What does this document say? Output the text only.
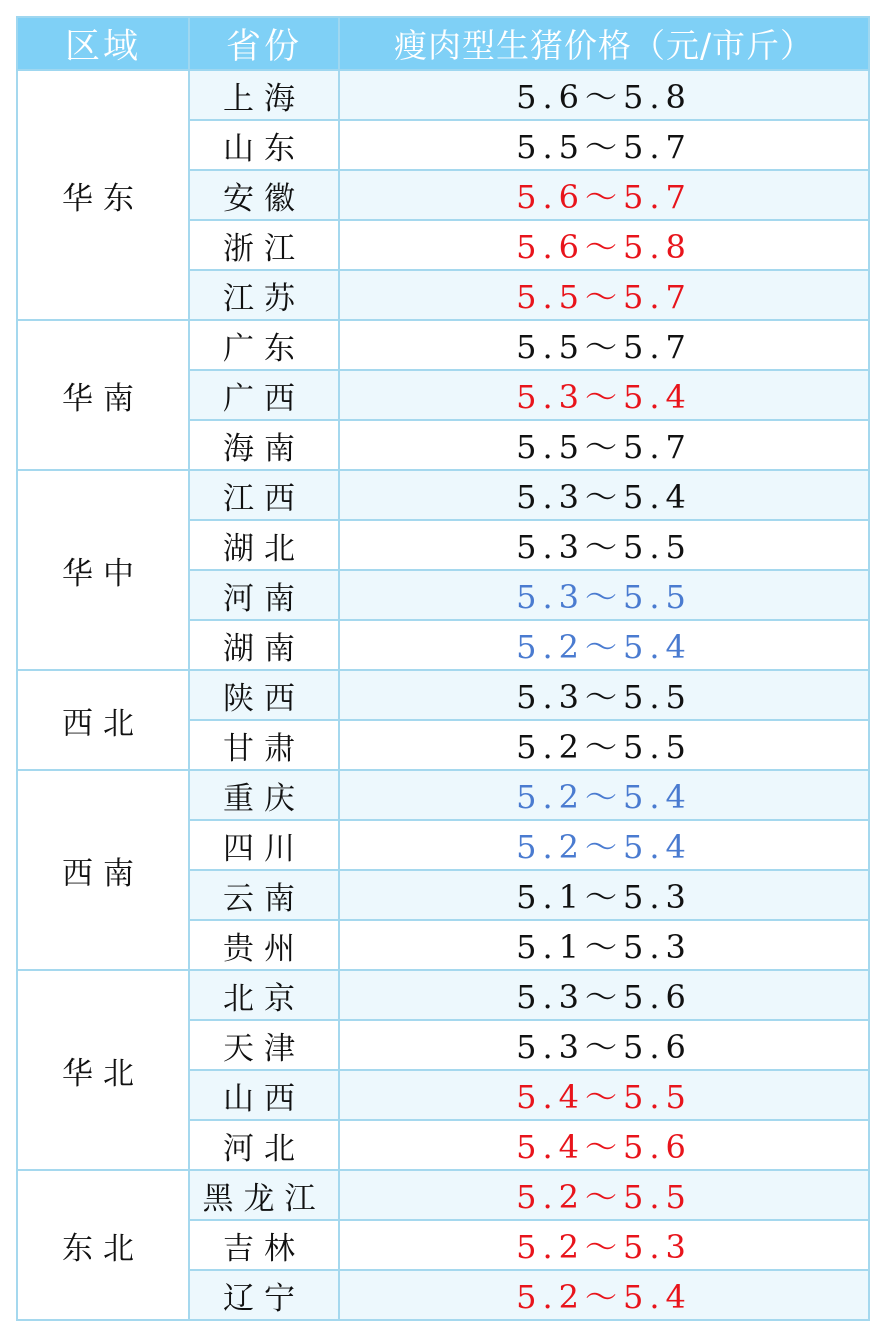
区域	省份	瘦肉型生猪价格（元/市斤）
华东	上海	5.6～5.8
	山东	5.5～5.7
	安徽	5.6～5.7
	浙江	5.6～5.8
	江苏	5.5～5.7
华南	广东	5.5～5.7
	广西	5.3～5.4
	海南	5.5～5.7
华中	江西	5.3～5.4
	湖北	5.3～5.5
	河南	5.3～5.5
	湖南	5.2～5.4
西北	陕西	5.3～5.5
	甘肃	5.2～5.5
西南	重庆	5.2～5.4
	四川	5.2～5.4
	云南	5.1～5.3
	贵州	5.1～5.3
华北	北京	5.3～5.6
	天津	5.3～5.6
	山西	5.4～5.5
	河北	5.4～5.6
东北	黑龙江	5.2～5.5
	吉林	5.2～5.3
	辽宁	5.2～5.4
